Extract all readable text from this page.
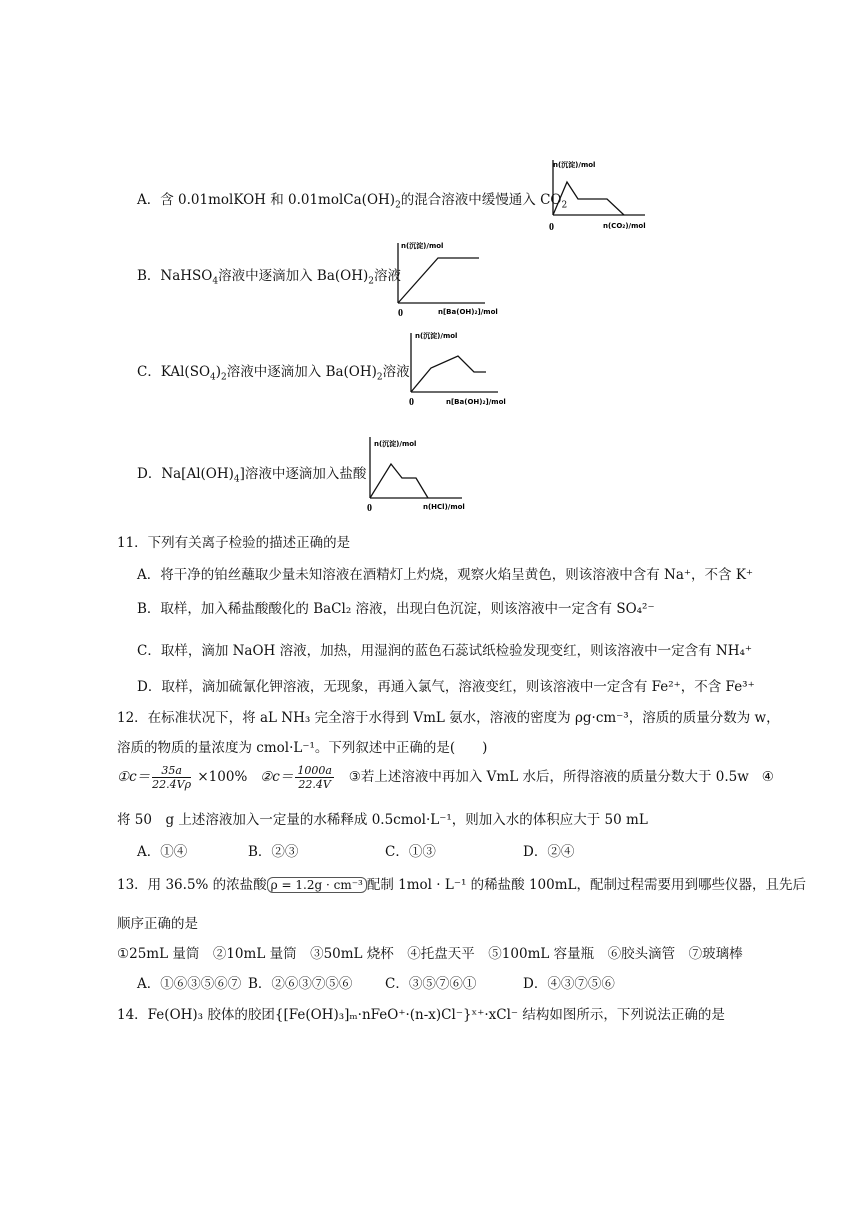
A．含 0.01molKOH 和 $0.01molCa(OH)_2$的混合溶液中缓慢通入 $CO_2$
n(沉淀)/mol
0	n(CO₂)/mol
B．NaHSO$_4$溶液中逐滴加入 $Ba(OH)_2$溶液
n(沉淀)/mol
0	n[Ba(OH)₂]/mol
C．$KAl(SO_4)_2$溶液中逐滴加入 $Ba(OH)_2$溶液
n(沉淀)/mol
0	n[Ba(OH)₂]/mol
D．$Na[Al(OH)_4]$溶液中逐滴加入盐酸
n(沉淀)/mol
0	n(HCl)/mol
11．下列有关离子检验的描述正确的是
A．将干净的铂丝蘸取少量未知溶液在酒精灯上灼烧，观察火焰呈黄色，则该溶液中含有 Na⁺，不含 K⁺
B．取样，加入稀盐酸酸化的 BaCl₂ 溶液，出现白色沉淀，则该溶液中一定含有 SO₄²⁻
C．取样，滴加 NaOH 溶液，加热，用湿润的蓝色石蕊试纸检验发现变红，则该溶液中一定含有 NH₄⁺
D．取样，滴加硫氰化钾溶液，无现象，再通入氯气，溶液变红，则该溶液中一定含有 Fe²⁺，不含 Fe³⁺
12．在标准状况下，将 aL NH₃ 完全溶于水得到 VmL 氨水，溶液的密度为 ρg·cm⁻³，溶质的质量分数为 w，
溶质的物质的量浓度为 cmol·L⁻¹。下列叙述中正确的是(　　)
①c＝ $\frac{35a}{22.4V\rho} \times 100\%$ ②c＝ $\frac{1000a}{22.4V}$ ③若上述溶液中再加入 VmL 水后，所得溶液的质量分数大于 0.5w ④
将 50　g 上述溶液加入一定量的水稀释成 0.5cmol·L⁻¹，则加入水的体积应大于 50 mL
A．①④	B．②③	C．①③	D．②④
13．用 36.5% 的浓盐酸 ρ = 1.2g · cm⁻³ 配制 1mol · L⁻¹ 的稀盐酸 100mL，配制过程需要用到哪些仪器，且先后
顺序正确的是
①25mL 量筒　②10mL 量筒　③50mL 烧杯　④托盘天平　⑤100mL 容量瓶　⑥胶头滴管　⑦玻璃棒
A．①⑥③⑤⑥⑦ B．②⑥③⑦⑤⑥ C．③⑤⑦⑥①	D．④③⑦⑤⑥
14．Fe(OH)₃ 胶体的胶团{[Fe(OH)₃]ₘ·nFeO⁺·(n-x)Cl⁻}ˣ⁺·xCl⁻ 结构如图所示，下列说法正确的是
